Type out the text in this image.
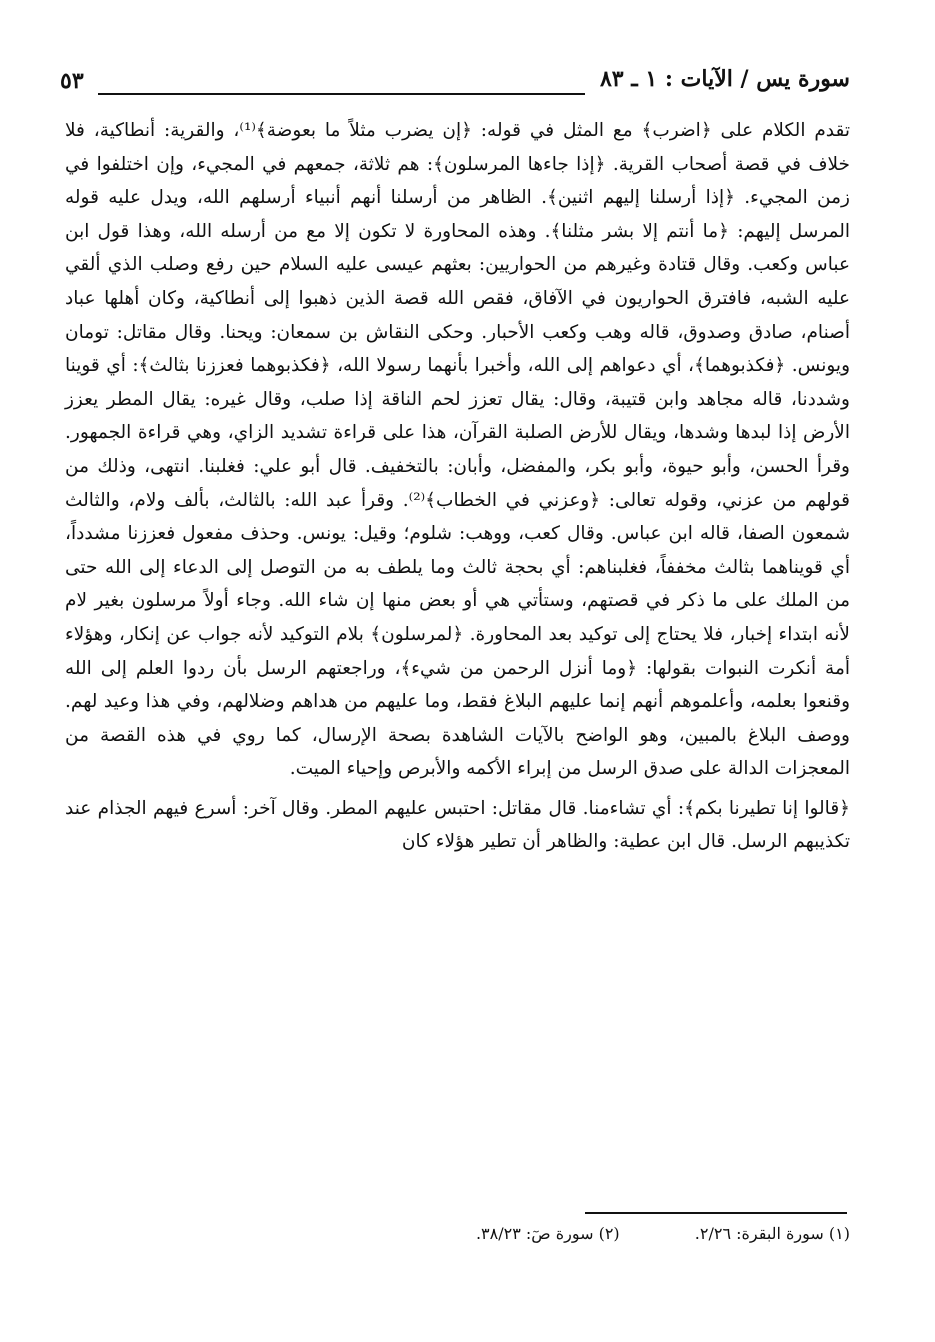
سورة يس / الآيات : ١ ـ ٨٣
٥٣

تقدم الكلام على ﴿اضرب﴾ مع المثل في قوله: ﴿إن يضرب مثلاً ما بعوضة﴾⁽¹⁾، والقرية: أنطاكية، فلا خلاف في قصة أصحاب القرية. ﴿إذا جاءها المرسلون﴾: هم ثلاثة، جمعهم في المجيء، وإن اختلفوا في زمن المجيء. ﴿إذا أرسلنا إليهم اثنين﴾. الظاهر من أرسلنا أنهم أنبياء أرسلهم الله، ويدل عليه قوله المرسل إليهم: ﴿ما أنتم إلا بشر مثلنا﴾. وهذه المحاورة لا تكون إلا مع من أرسله الله، وهذا قول ابن عباس وكعب. وقال قتادة وغيرهم من الحواريين: بعثهم عيسى عليه السلام حين رفع وصلب الذي ألقي عليه الشبه، فافترق الحواريون في الآفاق، فقص الله قصة الذين ذهبوا إلى أنطاكية، وكان أهلها عباد أصنام، صادق وصدوق، قاله وهب وكعب الأحبار. وحكى النقاش بن سمعان: ويحنا. وقال مقاتل: تومان ويونس. ﴿فكذبوهما﴾، أي دعواهم إلى الله، وأخبرا بأنهما رسولا الله، ﴿فكذبوهما فعززنا بثالث﴾: أي قوينا وشددنا، قاله مجاهد وابن قتيبة، وقال: يقال تعزز لحم الناقة إذا صلب، وقال غيره: يقال المطر يعزز الأرض إذا لبدها وشدها، ويقال للأرض الصلبة القرآن، هذا على قراءة تشديد الزاي، وهي قراءة الجمهور. وقرأ الحسن، وأبو حيوة، وأبو بكر، والمفضل، وأبان: بالتخفيف. قال أبو علي: فغلبنا. انتهى، وذلك من قولهم من عزني، وقوله تعالى: ﴿وعزني في الخطاب﴾⁽²⁾. وقرأ عبد الله: بالثالث، بألف ولام، والثالث شمعون الصفا، قاله ابن عباس. وقال كعب، ووهب: شلوم؛ وقيل: يونس. وحذف مفعول فعززنا مشدداً، أي قويناهما بثالث مخففاً، فغلبناهم: أي بحجة ثالث وما يلطف به من التوصل إلى الدعاء إلى الله حتى من الملك على ما ذكر في قصتهم، وستأتي هي أو بعض منها إن شاء الله. وجاء أولاً مرسلون بغير لام لأنه ابتداء إخبار، فلا يحتاج إلى توكيد بعد المحاورة. ﴿لمرسلون﴾ بلام التوكيد لأنه جواب عن إنكار، وهؤلاء أمة أنكرت النبوات بقولها: ﴿وما أنزل الرحمن من شيء﴾، وراجعتهم الرسل بأن ردوا العلم إلى الله وقنعوا بعلمه، وأعلموهم أنهم إنما عليهم البلاغ فقط، وما عليهم من هداهم وضلالهم، وفي هذا وعيد لهم. ووصف البلاغ بالمبين، وهو الواضح بالآيات الشاهدة بصحة الإرسال، كما روي في هذه القصة من المعجزات الدالة على صدق الرسل من إبراء الأكمه والأبرص وإحياء الميت.

﴿قالوا إنا تطيرنا بكم﴾: أي تشاءمنا. قال مقاتل: احتبس عليهم المطر. وقال آخر: أسرع فيهم الجذام عند تكذيبهم الرسل. قال ابن عطية: والظاهر أن تطير هؤلاء كان

(١) سورة البقرة: ٢/٢٦. (٢) سورة صٓ: ٣٨/٢٣.
